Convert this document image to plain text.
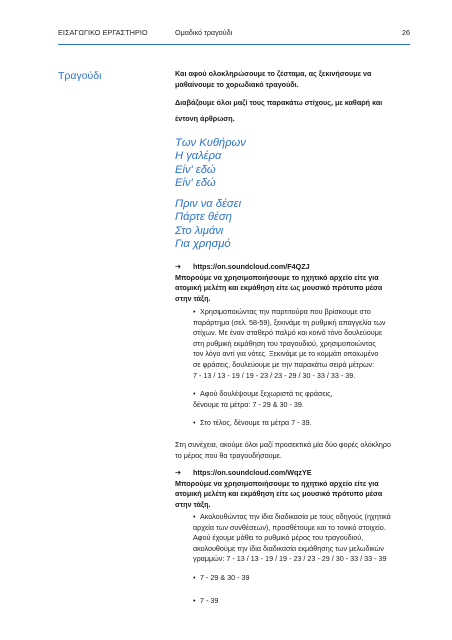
ΕΙΣΑΓΩΓΙΚΟ ΕΡΓΑΣΤΗΡΙΟ	Ομαδικό τραγούδι	26
Τραγούδι	Και αφού ολοκληρώσουμε το ζέσταμα, ας ξεκινήσουμε να

μαθαίνουμε το χορωδιακό τραγούδι.

Διαβάζουμε όλοι μαζί τους παρακάτω στίχους, με καθαρή και

έντονη άρθρωση.

Των Κυθήρων

Η γαλέρα

Είν' εδώ

Είν' εδώ

Πριν να δέσει

Πάρτε θέση

Στο λιμάνι

Για χρησμό

➔ https://on.soundcloud.com/F4QZJ

Μπορούμε να χρησιμοποιήσουμε το ηχητικό αρχείο είτε για

ατομική μελέτη και εκμάθηση είτε ως μουσικό πρότυπο μέσα

στην τάξη.

• Χρησιμοποιώντας την παρτιτούρα που βρίσκουμε στο

παράρτημα (σελ. 58-59), ξεκινάμε τη ρυθμική απαγγελία των

στίχων. Με έναν σταθερό παλμό και κοινό τόνο δουλεύουμε

στη ρυθμική εκμάθηση του τραγουδιού, χρησιμοποιώντας

τον λόγο αντί για νότες. Ξεκινάμε με το κομμάτι οποιωμένο

σε φράσεις, δουλεύουμε με την παρακάτω σειρά μέτρων:

7 - 13 / 13 - 19 / 19 - 23 / 23 - 29 / 30 - 33 / 33 - 39.

• Αφού δουλέψουμε ξεχωριστά τις φράσεις,

δένουμε τα μέτρα: 7 - 29 & 30 - 39.

• Στο τέλος, δένουμε τα μέτρα 7 - 39.

Στη συνέχεια, ακούμε όλοι μαζί προσεκτικά μία δύο φορές ολόκληρο

το μέρος που θα τραγουδήσουμε.

➔ https://on.soundcloud.com/WqzYE

Μπορούμε να χρησιμοποιήσουμε το ηχητικό αρχείο είτε για

ατομική μελέτη και εκμάθηση είτε ως μουσικό πρότυπο μέσα

στην τάξη.

• Ακολουθώντας την ίδια διαδικασία με τους οδηγούς (ηχητικά

αρχεία των συνθέσεων), προσθέτουμε και το τονικό στοιχείο.

Αφού έχουμε μάθει το ρυθμικό μέρος του τραγουδιού,

ακολουθούμε την ίδια διαδικασία εκμάθησης των μελωδικών

γραμμών: 7 - 13 / 13 - 19 / 19 - 23 / 23 - 29 / 30 - 33 / 33 - 39

• 7 - 29 & 30 - 39

• 7 - 39
